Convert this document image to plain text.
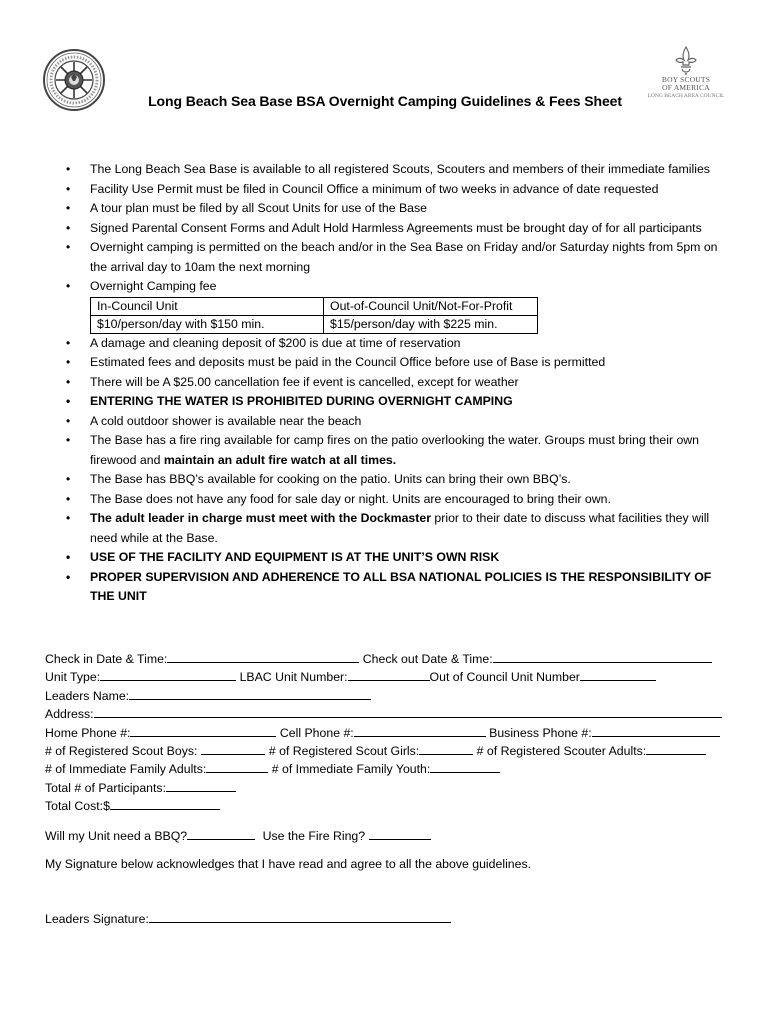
BOY SCOUTS
OF AMERICA
LONG BEACH AREA COUNCIL
Long Beach Sea Base BSA Overnight Camping Guidelines & Fees Sheet
• The Long Beach Sea Base is available to all registered Scouts, Scouters and members of their immediate families
• Facility Use Permit must be filed in Council Office a minimum of two weeks in advance of date requested
• A tour plan must be filed by all Scout Units for use of the Base
• Signed Parental Consent Forms and Adult Hold Harmless Agreements must be brought day of for all participants
• Overnight camping is permitted on the beach and/or in the Sea Base on Friday and/or Saturday nights from 5pm on the arrival day to 10am the next morning
• Overnight Camping fee
In-Council Unit	Out-of-Council Unit/Not-For-Profit
$10/person/day with $150 min.	$15/person/day with $225 min.
• A damage and cleaning deposit of $200 is due at time of reservation
• Estimated fees and deposits must be paid in the Council Office before use of Base is permitted
• There will be A $25.00 cancellation fee if event is cancelled, except for weather
• ENTERING THE WATER IS PROHIBITED DURING OVERNIGHT CAMPING
• A cold outdoor shower is available near the beach
• The Base has a fire ring available for camp fires on the patio overlooking the water. Groups must bring their own firewood and maintain an adult fire watch at all times.
• The Base has BBQ’s available for cooking on the patio. Units can bring their own BBQ’s.
• The Base does not have any food for sale day or night. Units are encouraged to bring their own.
• The adult leader in charge must meet with the Dockmaster prior to their date to discuss what facilities they will need while at the Base.
• USE OF THE FACILITY AND EQUIPMENT IS AT THE UNIT’S OWN RISK
• PROPER SUPERVISION AND ADHERENCE TO ALL BSA NATIONAL POLICIES IS THE RESPONSIBILITY OF THE UNIT
Check in Date & Time:	Check out Date & Time:
Unit Type:	LBAC Unit Number:	Out of Council Unit Number
Leaders Name:
Address:
Home Phone #:	Cell Phone #:	Business Phone #:
# of Registered Scout Boys:	# of Registered Scout Girls:	# of Registered Scouter Adults:
# of Immediate Family Adults:	# of Immediate Family Youth:
Total # of Participants:
Total Cost:$
Will my Unit need a BBQ?	Use the Fire Ring?
My Signature below acknowledges that I have read and agree to all the above guidelines.
Leaders Signature:
